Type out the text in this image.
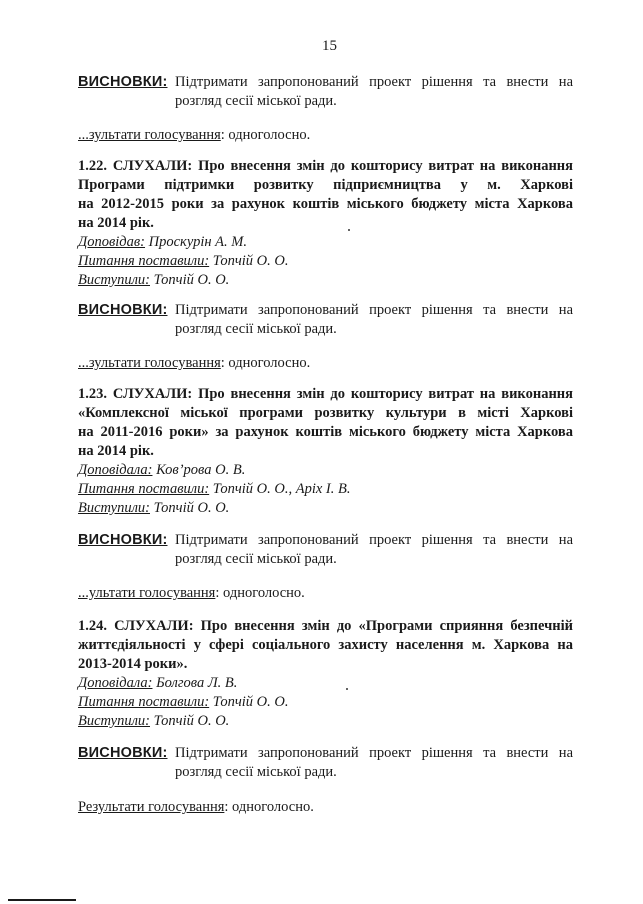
15
ВИСНОВКИ: Підтримати запропонований проект рішення та внести на
розгляд сесії міської ради.
...зультати голосування: одноголосно.
1.22. СЛУХАЛИ: Про внесення змін до кошторису витрат на виконання
Програми підтримки розвитку підприємництва у м. Харкові
на 2012-2015 роки за рахунок коштів міського бюджету міста Харкова
на 2014 рік.
Доповідав: Проскурін А. М.
Питання поставили: Топчій О. О.
Виступили: Топчій О. О.
ВИСНОВКИ: Підтримати запропонований проект рішення та внести на
розгляд сесії міської ради.
...зультати голосування: одноголосно.
1.23. СЛУХАЛИ: Про внесення змін до кошторису витрат на виконання
«Комплексної міської програми розвитку культури в місті Харкові
на 2011-2016 роки» за рахунок коштів міського бюджету міста Харкова
на 2014 рік.
Доповідала: Ков’рова О. В.
Питання поставили: Топчій О. О., Аріх І. В.
Виступили: Топчій О. О.
ВИСНОВКИ: Підтримати запропонований проект рішення та внести на
розгляд сесії міської ради.
...ультати голосування: одноголосно.
1.24. СЛУХАЛИ: Про внесення змін до «Програми сприяння безпечній
життєдіяльності у сфері соціального захисту населення м. Харкова на
2013-2014 роки».
Доповідала: Болгова Л. В.
Питання поставили: Топчій О. О.
Виступили: Топчій О. О.
ВИСНОВКИ: Підтримати запропонований проект рішення та внести на
розгляд сесії міської ради.
Результати голосування: одноголосно.
